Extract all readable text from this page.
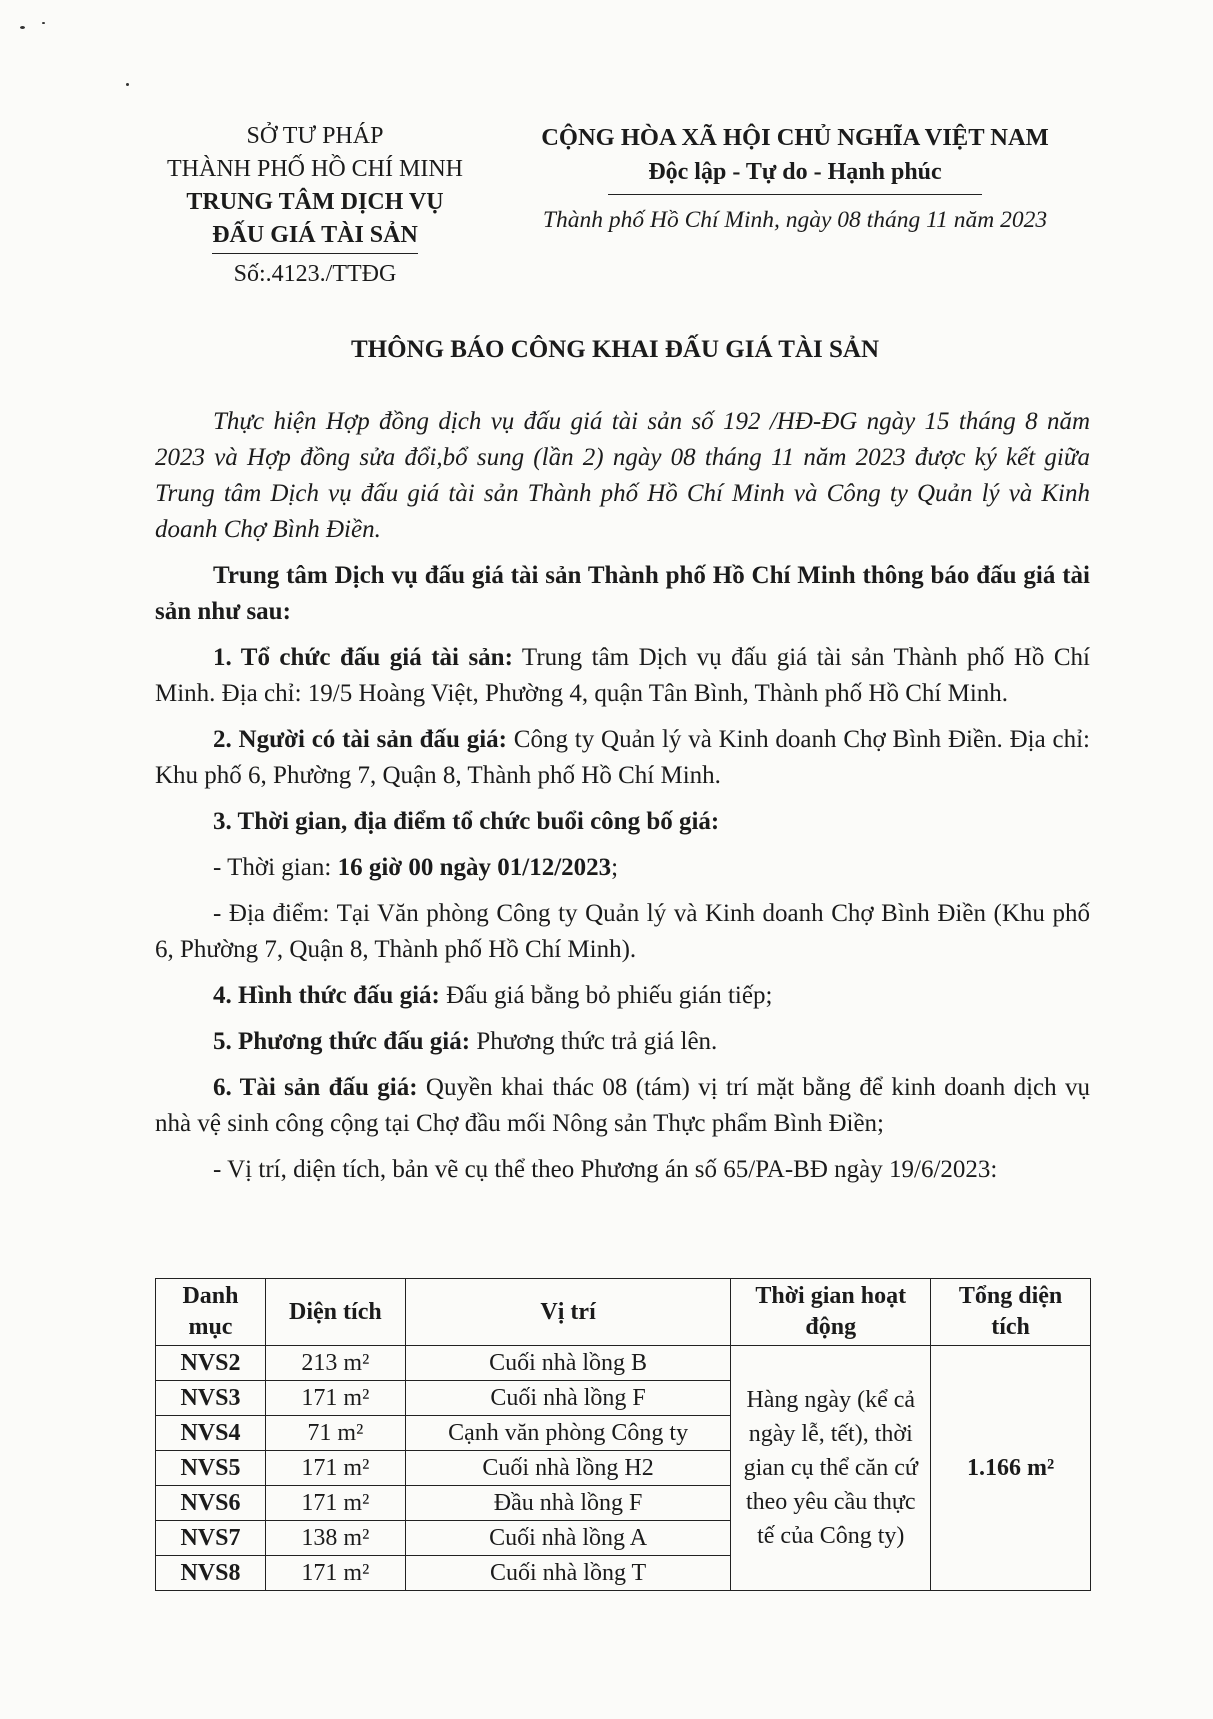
SỞ TƯ PHÁP
THÀNH PHỐ HỒ CHÍ MINH
TRUNG TÂM DỊCH VỤ
ĐẤU GIÁ TÀI SẢN
Số:.4123./TTĐG
CỘNG HÒA XÃ HỘI CHỦ NGHĨA VIỆT NAM
Độc lập - Tự do - Hạnh phúc
Thành phố Hồ Chí Minh, ngày 08 tháng 11 năm 2023
THÔNG BÁO CÔNG KHAI ĐẤU GIÁ TÀI SẢN

Thực hiện Hợp đồng dịch vụ đấu giá tài sản số 192 /HĐ-ĐG ngày 15 tháng 8 năm 2023 và Hợp đồng sửa đổi,bổ sung (lần 2) ngày 08 tháng 11 năm 2023 được ký kết giữa Trung tâm Dịch vụ đấu giá tài sản Thành phố Hồ Chí Minh và Công ty Quản lý và Kinh doanh Chợ Bình Điền.

Trung tâm Dịch vụ đấu giá tài sản Thành phố Hồ Chí Minh thông báo đấu giá tài sản như sau:

1. Tổ chức đấu giá tài sản: Trung tâm Dịch vụ đấu giá tài sản Thành phố Hồ Chí Minh. Địa chỉ: 19/5 Hoàng Việt, Phường 4, quận Tân Bình, Thành phố Hồ Chí Minh.

2. Người có tài sản đấu giá: Công ty Quản lý và Kinh doanh Chợ Bình Điền. Địa chỉ: Khu phố 6, Phường 7, Quận 8, Thành phố Hồ Chí Minh.

3. Thời gian, địa điểm tổ chức buổi công bố giá:

- Thời gian: 16 giờ 00 ngày 01/12/2023;

- Địa điểm: Tại Văn phòng Công ty Quản lý và Kinh doanh Chợ Bình Điền (Khu phố 6, Phường 7, Quận 8, Thành phố Hồ Chí Minh).

4. Hình thức đấu giá: Đấu giá bằng bỏ phiếu gián tiếp;

5. Phương thức đấu giá: Phương thức trả giá lên.

6. Tài sản đấu giá: Quyền khai thác 08 (tám) vị trí mặt bằng để kinh doanh dịch vụ nhà vệ sinh công cộng tại Chợ đầu mối Nông sản Thực phẩm Bình Điền;

- Vị trí, diện tích, bản vẽ cụ thể theo Phương án số 65/PA-BĐ ngày 19/6/2023:

Danh mục	Diện tích	Vị trí	Thời gian hoạt động	Tổng diện tích
NVS2	213 m²	Cuối nhà lồng B	Hàng ngày (kể cả ngày lễ, tết), thời gian cụ thể căn cứ theo yêu cầu thực tế của Công ty)	1.166 m²
NVS3	171 m²	Cuối nhà lồng F		
NVS4	71 m²	Cạnh văn phòng Công ty		
NVS5	171 m²	Cuối nhà lồng H2		
NVS6	171 m²	Đầu nhà lồng F		
NVS7	138 m²	Cuối nhà lồng A		
NVS8	171 m²	Cuối nhà lồng T		
